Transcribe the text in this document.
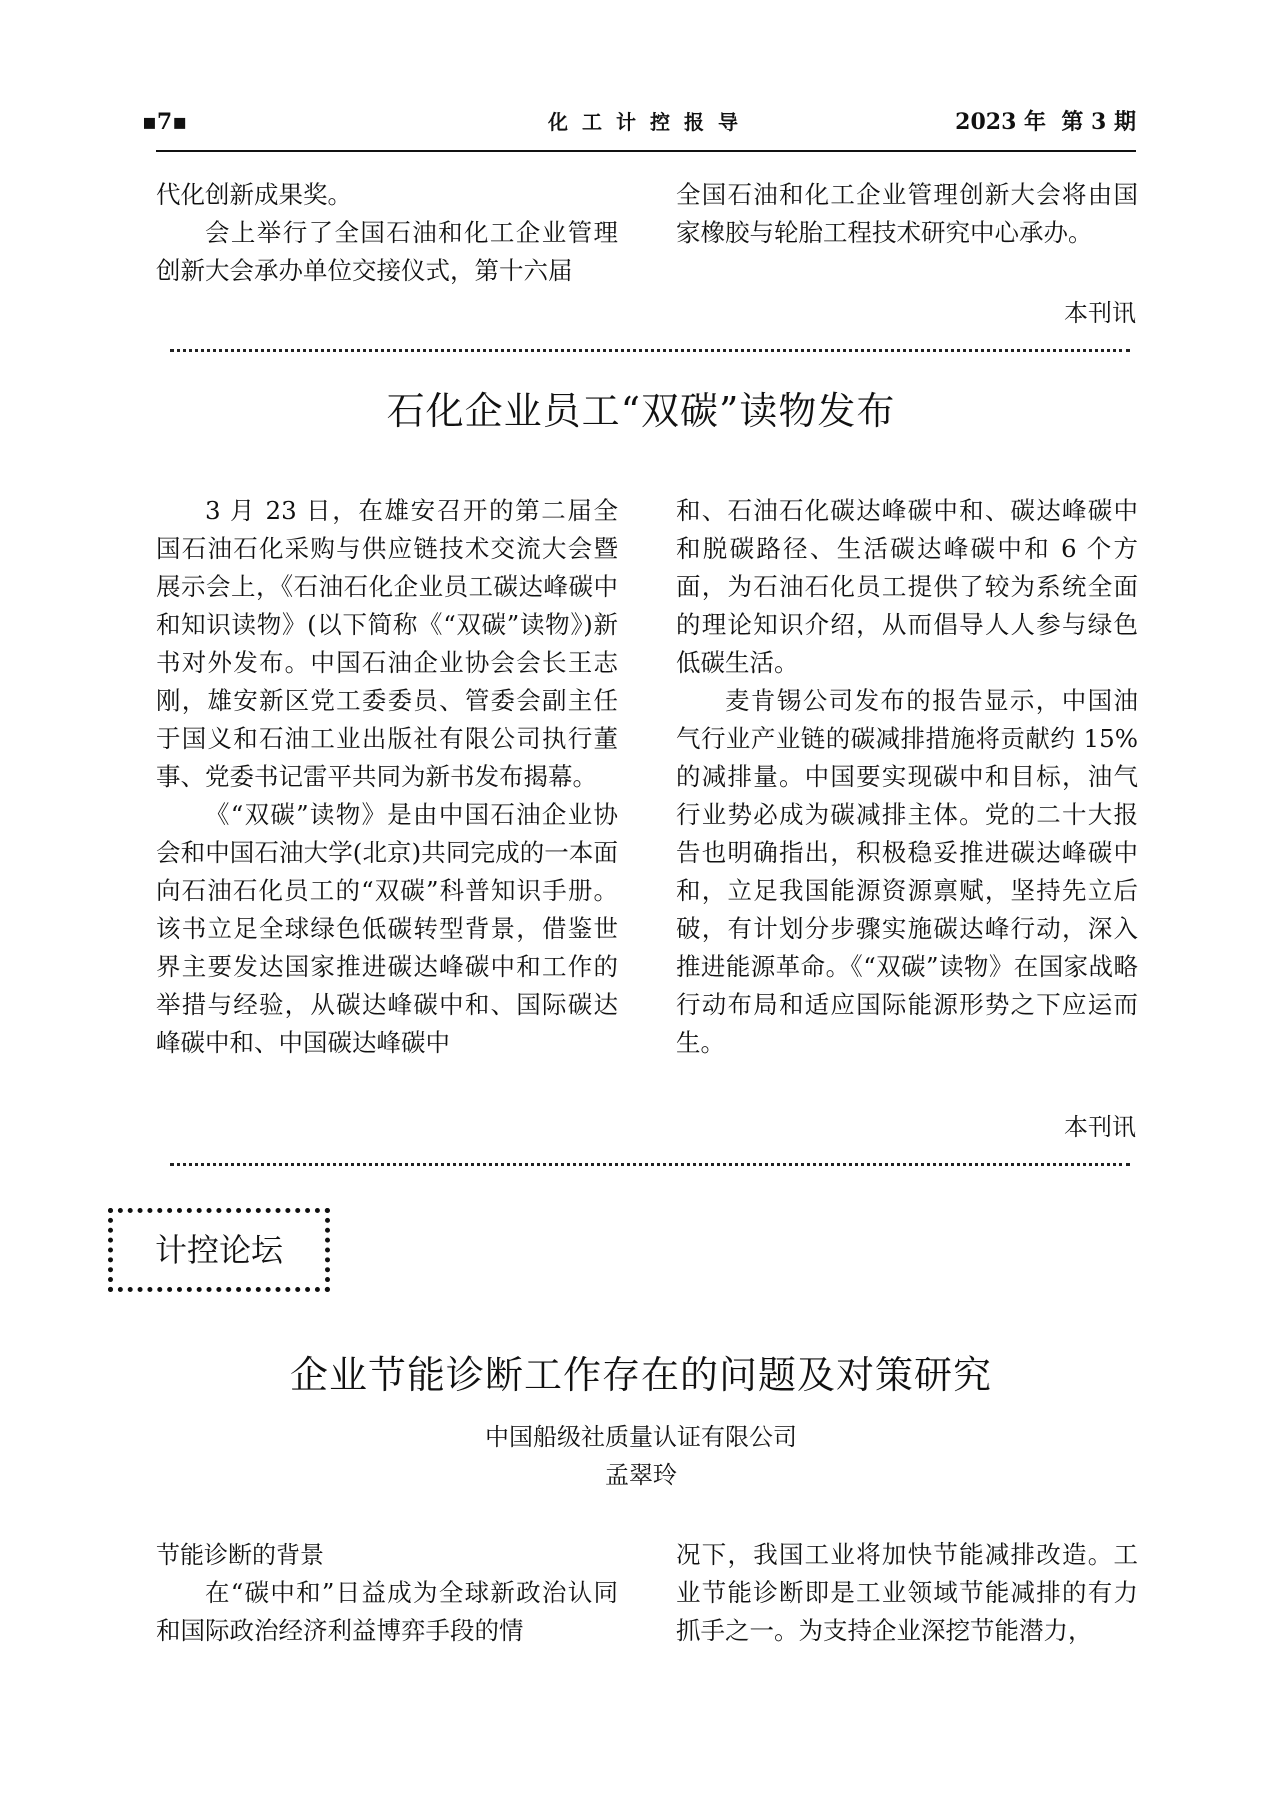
▪7▪	化工计控报导	2023 年  第 3 期

代化创新成果奖。

会上举行了全国石油和化工企业管理创新大会承办单位交接仪式，第十六届

全国石油和化工企业管理创新大会将由国家橡胶与轮胎工程技术研究中心承办。

本刊讯
石化企业员工“双碳”读物发布

3 月 23 日，在雄安召开的第二届全国石油石化采购与供应链技术交流大会暨展示会上，《石油石化企业员工碳达峰碳中和知识读物》(以下简称《“双碳”读物》)新书对外发布。中国石油企业协会会长王志刚，雄安新区党工委委员、管委会副主任于国义和石油工业出版社有限公司执行董事、党委书记雷平共同为新书发布揭幕。

《“双碳”读物》是由中国石油企业协会和中国石油大学(北京)共同完成的一本面向石油石化员工的“双碳”科普知识手册。该书立足全球绿色低碳转型背景，借鉴世界主要发达国家推进碳达峰碳中和工作的举措与经验，从碳达峰碳中和、国际碳达峰碳中和、中国碳达峰碳中

和、石油石化碳达峰碳中和、碳达峰碳中和脱碳路径、生活碳达峰碳中和 6 个方面，为石油石化员工提供了较为系统全面的理论知识介绍，从而倡导人人参与绿色低碳生活。

麦肯锡公司发布的报告显示，中国油气行业产业链的碳减排措施将贡献约 15% 的减排量。中国要实现碳中和目标，油气行业势必成为碳减排主体。党的二十大报告也明确指出，积极稳妥推进碳达峰碳中和，立足我国能源资源禀赋，坚持先立后破，有计划分步骤实施碳达峰行动，深入推进能源革命。《“双碳”读物》在国家战略行动布局和适应国际能源形势之下应运而生。

本刊讯
计控论坛
企业节能诊断工作存在的问题及对策研究
中国船级社质量认证有限公司
孟翠玲

节能诊断的背景

在“碳中和”日益成为全球新政治认同和国际政治经济利益博弈手段的情

况下，我国工业将加快节能减排改造。工业节能诊断即是工业领域节能减排的有力抓手之一。为支持企业深挖节能潜力，
